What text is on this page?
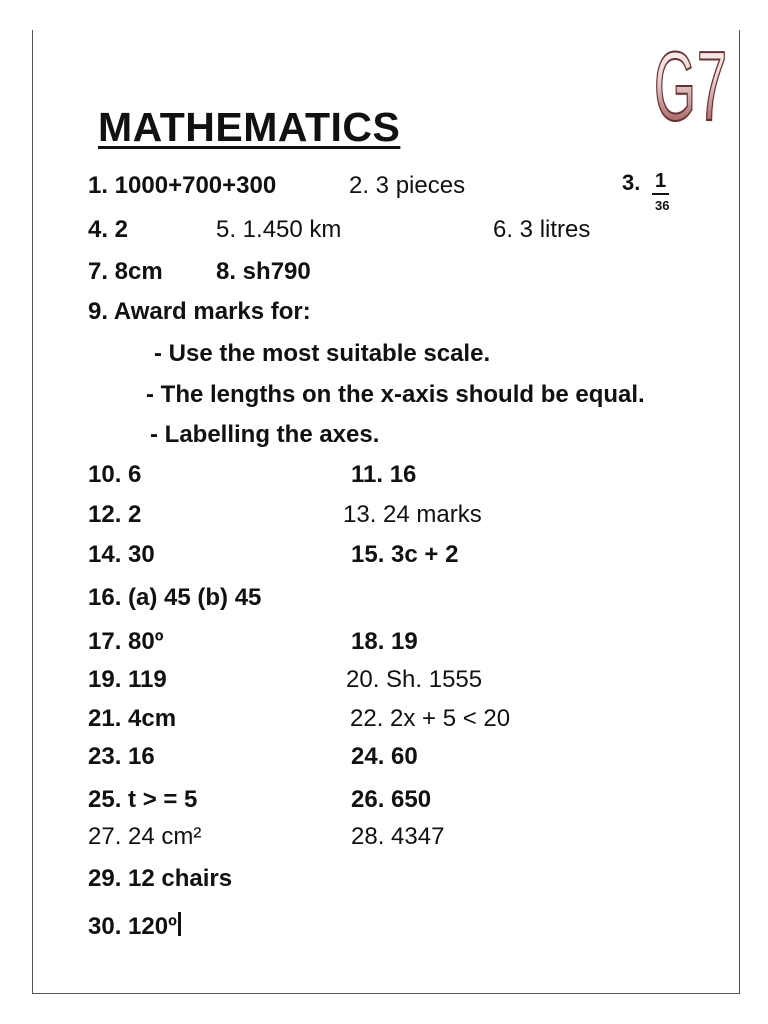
G7
MATHEMATICS
1. 1000+700+300	2. 3 pieces	3. 1
36
4. 2	5. 1.450 km	6. 3 litres
7. 8cm 8. sh790
9. Award marks for:
- Use the most suitable scale.
- The lengths on the x-axis should be equal.
- Labelling the axes.
10. 6	11. 16
12. 2	13. 24 marks
14. 30	15. 3c + 2
16. (a) 45 (b) 45
17. 80º	18. 19
19. 119	20. Sh. 1555
21. 4cm	22. 2x + 5 < 20
23. 16	24. 60
25. t > = 5	26. 650
27. 24 cm²	28. 4347
29. 12 chairs
30. 120º
